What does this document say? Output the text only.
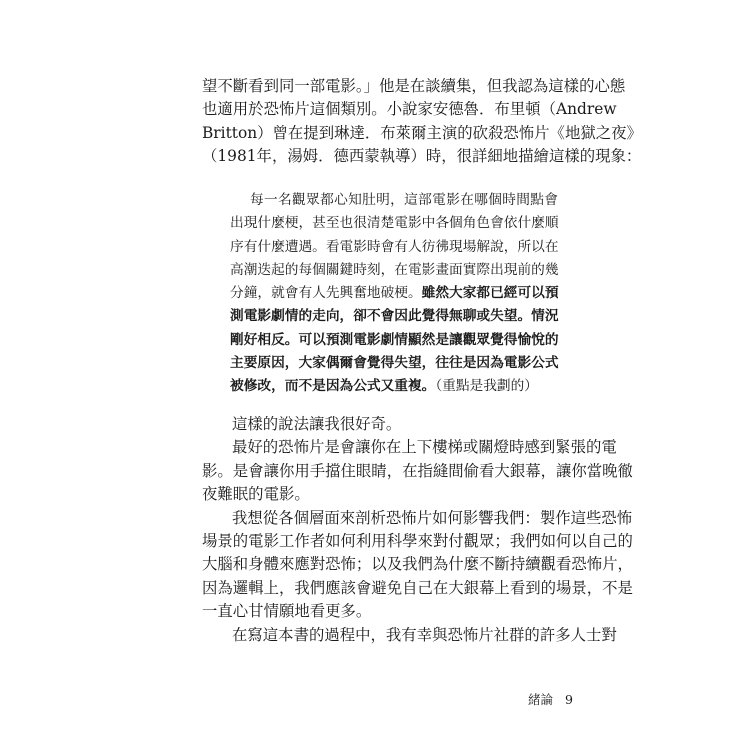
望不斷看到同一部電影。」他是在談續集，但我認為這樣的心態
也適用於恐怖片這個類別。小說家安德魯．布里頓（Andrew
Britton）曾在提到琳達．布萊爾主演的砍殺恐怖片《地獄之夜》
（1981年，湯姆．德西蒙執導）時，很詳細地描繪這樣的現象：
每一名觀眾都心知肚明，這部電影在哪個時間點會
出現什麼梗，甚至也很清楚電影中各個角色會依什麼順
序有什麼遭遇。看電影時會有人彷彿現場解說，所以在
高潮迭起的每個關鍵時刻，在電影畫面實際出現前的幾
分鐘，就會有人先興奮地破梗。雖然大家都已經可以預
測電影劇情的走向，卻不會因此覺得無聊或失望。情況
剛好相反。可以預測電影劇情顯然是讓觀眾覺得愉悅的
主要原因，大家偶爾會覺得失望，往往是因為電影公式
被修改，而不是因為公式又重複。（重點是我劃的）
這樣的說法讓我很好奇。
最好的恐怖片是會讓你在上下樓梯或關燈時感到緊張的電
影。是會讓你用手擋住眼睛，在指縫間偷看大銀幕，讓你當晚徹
夜難眠的電影。
我想從各個層面來剖析恐怖片如何影響我們：製作這些恐怖
場景的電影工作者如何利用科學來對付觀眾；我們如何以自己的
大腦和身體來應對恐怖；以及我們為什麼不斷持續觀看恐怖片，
因為邏輯上，我們應該會避免自己在大銀幕上看到的場景，不是
一直心甘情願地看更多。
在寫這本書的過程中，我有幸與恐怖片社群的許多人士對
緒論 9
